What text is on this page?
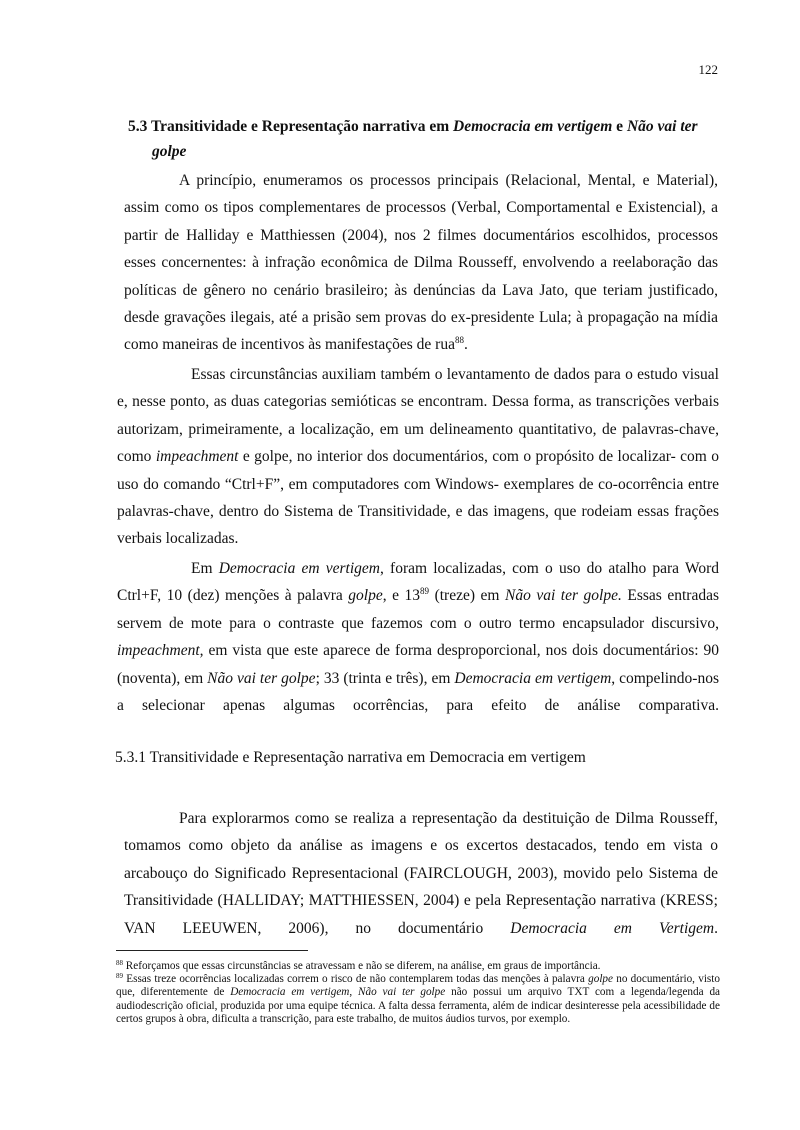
122
5.3 Transitividade e Representação narrativa em Democracia em vertigem e Não vai ter
golpe

A princípio, enumeramos os processos principais (Relacional, Mental, e Material), assim como os tipos complementares de processos (Verbal, Comportamental e Existencial), a partir de Halliday e Matthiessen (2004), nos 2 filmes documentários escolhidos, processos esses concernentes: à infração econômica de Dilma Rousseff, envolvendo a reelaboração das políticas de gênero no cenário brasileiro; às denúncias da Lava Jato, que teriam justificado, desde gravações ilegais, até a prisão sem provas do ex-presidente Lula; à propagação na mídia como maneiras de incentivos às manifestações de rua$^{88}$.

Essas circunstâncias auxiliam também o levantamento de dados para o estudo visual e, nesse ponto, as duas categorias semióticas se encontram. Dessa forma, as transcrições verbais autorizam, primeiramente, a localização, em um delineamento quantitativo, de palavras-chave, como impeachment e golpe, no interior dos documentários, com o propósito de localizar- com o uso do comando “Ctrl+F”, em computadores com Windows- exemplares de co-ocorrência entre palavras-chave, dentro do Sistema de Transitividade, e das imagens, que rodeiam essas frações verbais localizadas.

Em Democracia em vertigem, foram localizadas, com o uso do atalho para Word Ctrl+F, 10 (dez) menções à palavra golpe, e $13^{89}$ (treze) em Não vai ter golpe. Essas entradas servem de mote para o contraste que fazemos com o outro termo encapsulador discursivo, impeachment, em vista que este aparece de forma desproporcional, nos dois documentários: 90 (noventa), em Não vai ter golpe; 33 (trinta e três), em Democracia em vertigem, compelindo-nos a selecionar apenas algumas ocorrências, para efeito de análise comparativa.

5.3.1 Transitividade e Representação narrativa em Democracia em vertigem

Para explorarmos como se realiza a representação da destituição de Dilma Rousseff, tomamos como objeto da análise as imagens e os excertos destacados, tendo em vista o arcabouço do Significado Representacional (FAIRCLOUGH, 2003), movido pelo Sistema de Transitividade (HALLIDAY; MATTHIESSEN, 2004) e pela Representação narrativa (KRESS; VAN LEEUWEN, 2006), no documentário Democracia em Vertigem.

$^{88}$ Reforçamos que essas circunstâncias se atravessam e não se diferem, na análise, em graus de importância.

$^{89}$ Essas treze ocorrências localizadas correm o risco de não contemplarem todas das menções à palavra golpe no documentário, visto que, diferentemente de Democracia em vertigem, Não vai ter golpe não possui um arquivo TXT com a legenda/legenda da audiodescrição oficial, produzida por uma equipe técnica. A falta dessa ferramenta, além de indicar desinteresse pela acessibilidade de certos grupos à obra, dificulta a transcrição, para este trabalho, de muitos áudios turvos, por exemplo.
